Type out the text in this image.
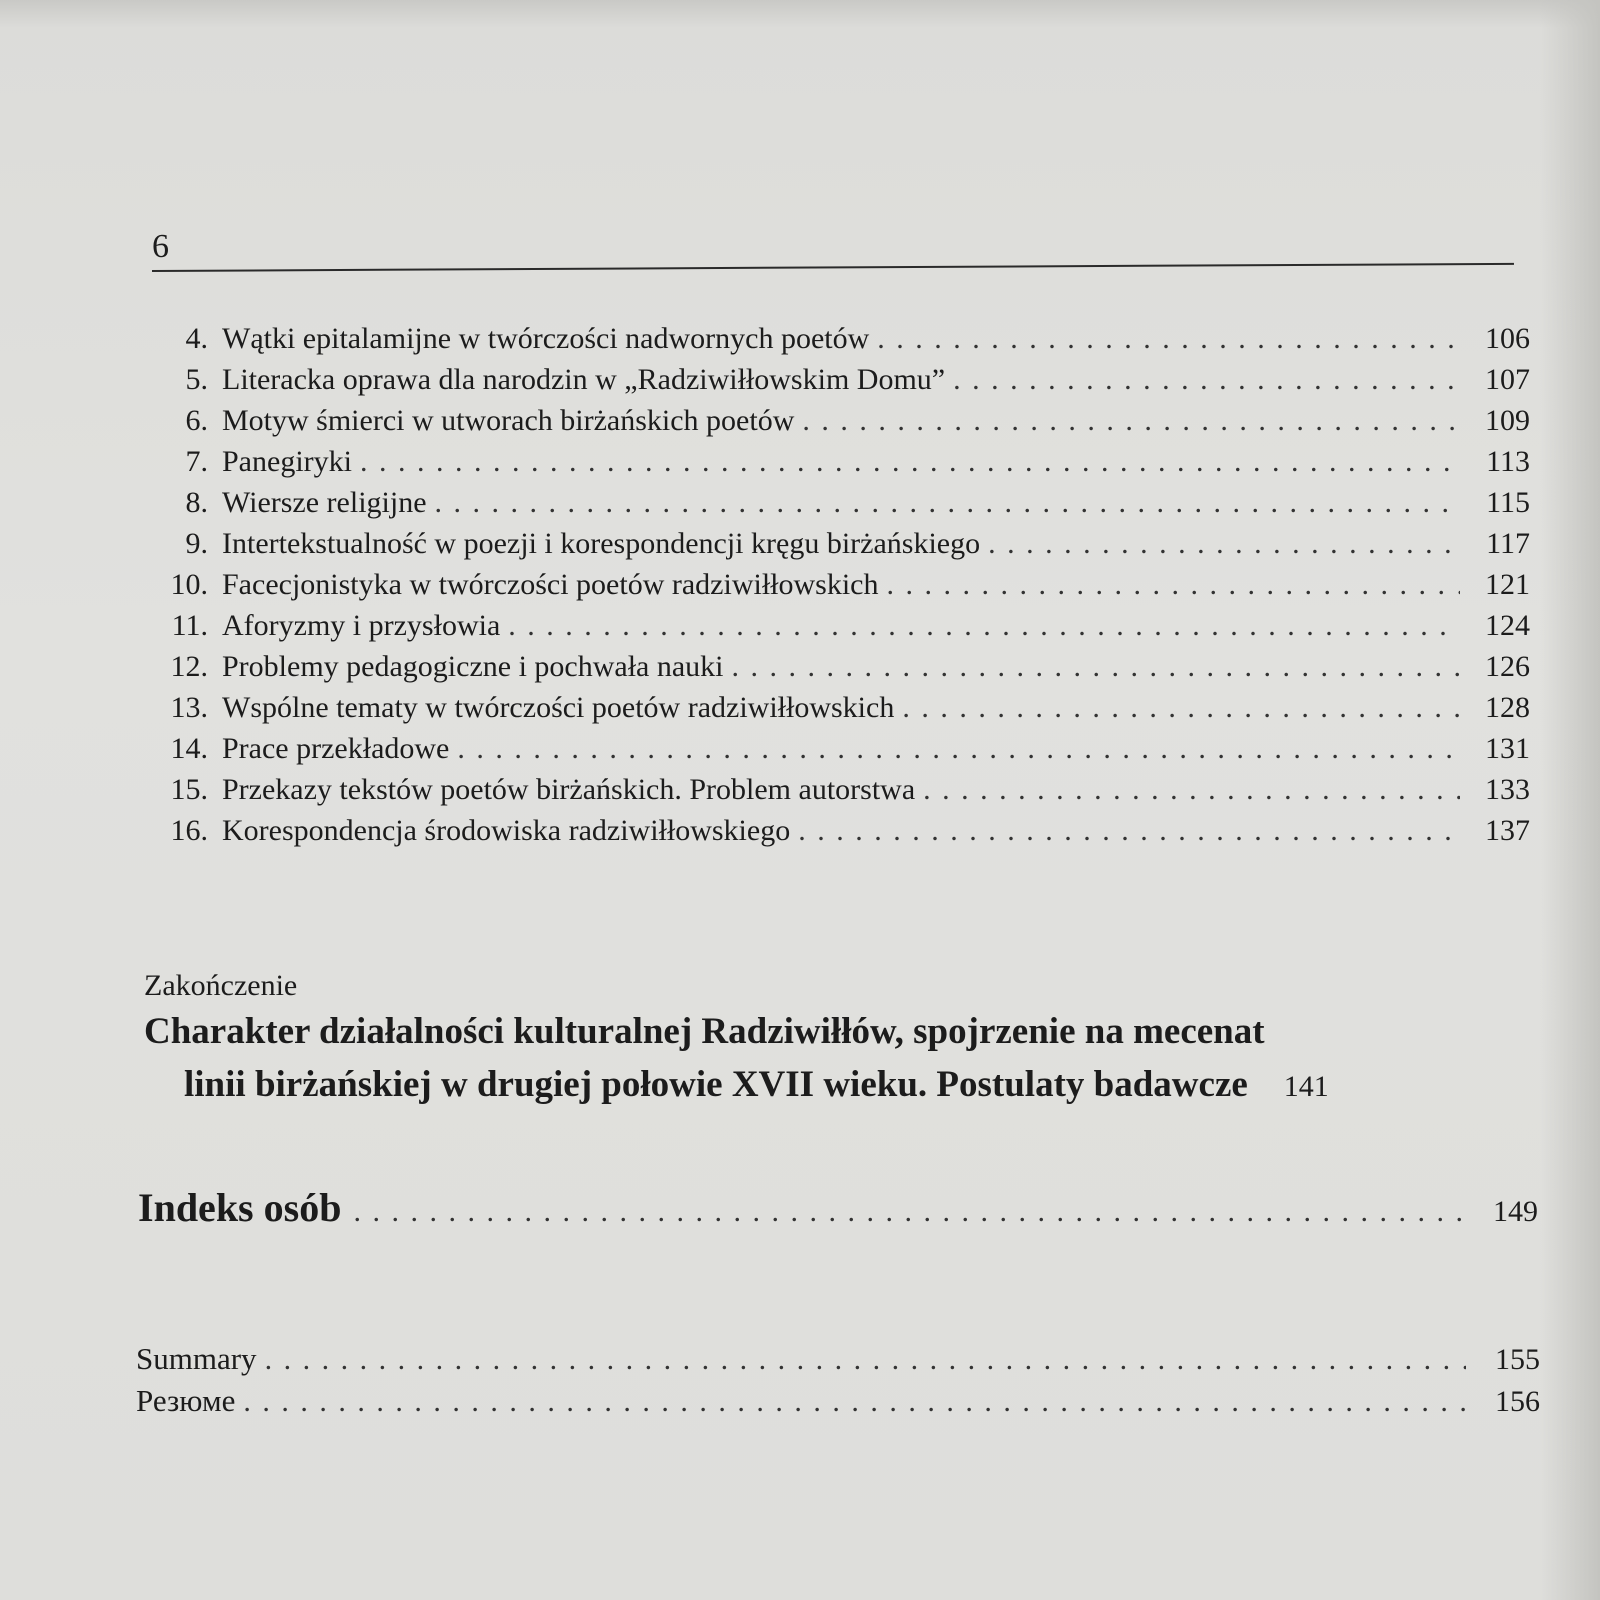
6
4. Wątki epitalamijne w twórczości nadwornych poetów . . .	106
5. Literacka oprawa dla narodzin w „Radziwiłłowskim Domu” . . .	107
6. Motyw śmierci w utworach birżańskich poetów . . .	109
7. Panegiryki . . .	113
8. Wiersze religijne . . .	115
9. Intertekstualność w poezji i korespondencji kręgu birżańskiego . . .	117
10. Facecjonistyka w twórczości poetów radziwiłłowskich . . .	121
11. Aforyzmy i przysłowia . . .	124
12. Problemy pedagogiczne i pochwała nauki . . .	126
13. Wspólne tematy w twórczości poetów radziwiłłowskich . . .	128
14. Prace przekładowe . . .	131
15. Przekazy tekstów poetów birżańskich. Problem autorstwa . . .	133
16. Korespondencja środowiska radziwiłłowskiego . . .	137
Zakończenie
Charakter działalności kulturalnej Radziwiłłów, spojrzenie na mecenat
linii birżańskiej w drugiej połowie XVII wieku. Postulaty badawcze 141
Indeks osób . . .	149
Summary . . .	155
Резюме . . .	156
